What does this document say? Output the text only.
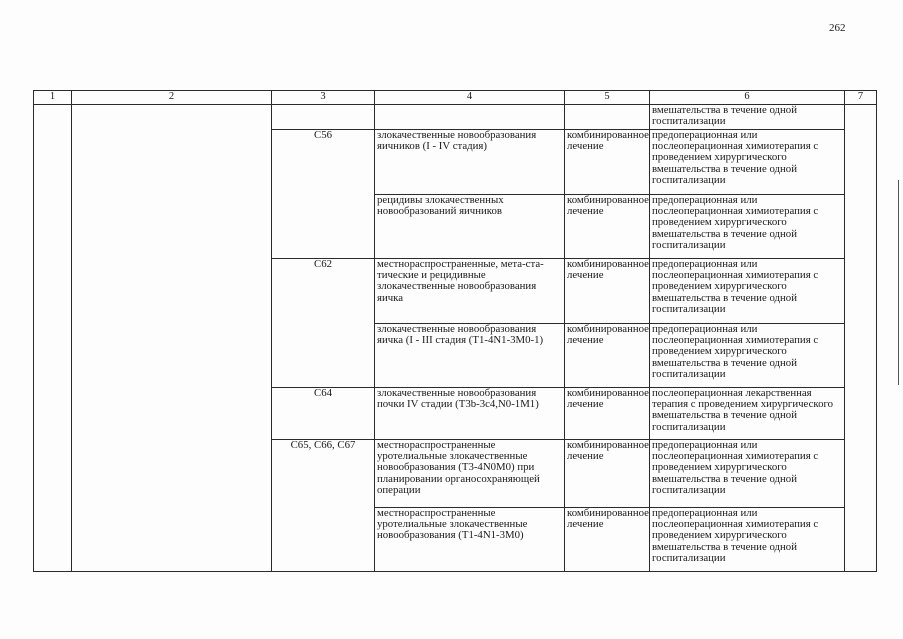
262
1	2	3	4	5	6	7
					вмешательства в течение одной госпитализации	
		C56	злокачественные новообразования яичников (I - IV стадия)	комбинированное лечение	предоперационная или послеоперационная химиотерапия с проведением хирургического вмешательства в течение одной госпитализации	
			рецидивы злокачественных новообразований яичников	комбинированное лечение	предоперационная или послеоперационная химиотерапия с проведением хирургического вмешательства в течение одной госпитализации	
		C62	местнораспространенные, мета-ста-тические и рецидивные злокачественные новообразования яичка	комбинированное лечение	предоперационная или послеоперационная химиотерапия с проведением хирургического вмешательства в течение одной госпитализации	
			злокачественные новообразования яичка (I - III стадия (T1-4N1-3M0-1)	комбинированное лечение	предоперационная или послеоперационная химиотерапия с проведением хирургического вмешательства в течение одной госпитализации	
		C64	злокачественные новообразования почки IV стадии (T3b-3c4,N0-1M1)	комбинированное лечение	послеоперационная лекарственная терапия с проведением хирургического вмешательства в течение одной госпитализации	
		C65, C66, C67	местнораспространенные уротелиальные злокачественные новообразования (T3-4N0M0) при планировании органосохраняющей операции	комбинированное лечение	предоперационная или послеоперационная химиотерапия с проведением хирургического вмешательства в течение одной госпитализации	
			местнораспространенные уротелиальные злокачественные новообразования (T1-4N1-3M0)	комбинированное лечение	предоперационная или послеоперационная химиотерапия с проведением хирургического вмешательства в течение одной госпитализации	
